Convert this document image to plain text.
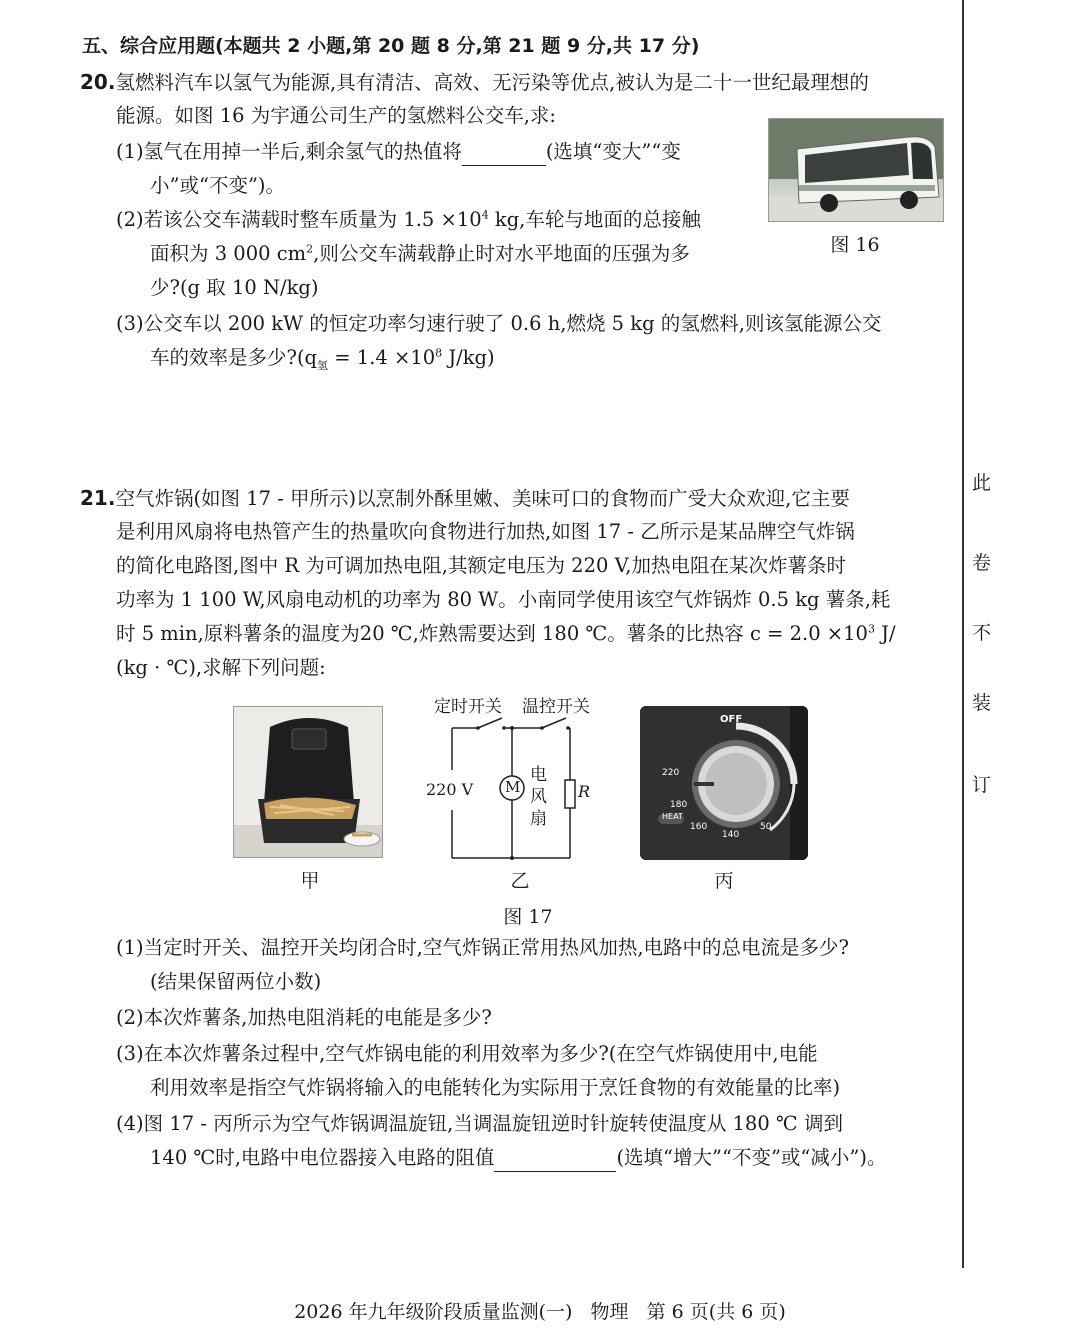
五、综合应用题(本题共 2 小题,第 20 题 8 分,第 21 题 9 分,共 17 分)
20.氢燃料汽车以氢气为能源,具有清洁、高效、无污染等优点,被认为是二十一世纪最理想的
能源。如图 16 为宇通公司生产的氢燃料公交车,求:
(1)氢气在用掉一半后,剩余氢气的热值将	(选填“变大”“变
小”或“不变”)。
(2)若该公交车满载时整车质量为 $1.5 \times 10^4$ kg,车轮与地面的总接触
面积为 3 000 $cm^2$,则公交车满载静止时对水平地面的压强为多
少?(g 取 10 N/kg)
(3)公交车以 200 kW 的恒定功率匀速行驶了 0.6 h,燃烧 5 kg 的氢燃料,则该氢能源公交
车的效率是多少$?(q_氢 = 1.4 \times 10^8$ J/kg)
图 16
21.空气炸锅(如图 17 - 甲所示)以烹制外酥里嫩、美味可口的食物而广受大众欢迎,它主要
是利用风扇将电热管产生的热量吹向食物进行加热,如图 17 - 乙所示是某品牌空气炸锅
的简化电路图,图中 R 为可调加热电阻,其额定电压为 220 V,加热电阻在某次炸薯条时
功率为 1 100 W,风扇电动机的功率为 80 W。小南同学使用该空气炸锅炸 0.5 kg 薯条,耗
时 5 min,原料薯条的温度为20 ℃,炸熟需要达到 180 ℃。薯条的比热容 $c = 2.0 \times 10^3$ J/
(kg · ℃),求解下列问题:
甲
定时开关 温控开关
220 V M
电
风
扇
R
乙
OFF
220
180
HEAT
160
140
50
丙
图 17
(1)当定时开关、温控开关均闭合时,空气炸锅正常用热风加热,电路中的总电流是多少?
(结果保留两位小数)
(2)本次炸薯条,加热电阻消耗的电能是多少?
(3)在本次炸薯条过程中,空气炸锅电能的利用效率为多少?(在空气炸锅使用中,电能
利用效率是指空气炸锅将输入的电能转化为实际用于烹饪食物的有效能量的比率)
(4)图 17 - 丙所示为空气炸锅调温旋钮,当调温旋钮逆时针旋转使温度从 180 ℃ 调到
140 ℃时,电路中电位器接入电路的阻值	(选填“增大”“不变”或“减小”)。
此
卷
不
装
订
2026 年九年级阶段质量监测(一)   物理   第 6 页(共 6 页)
